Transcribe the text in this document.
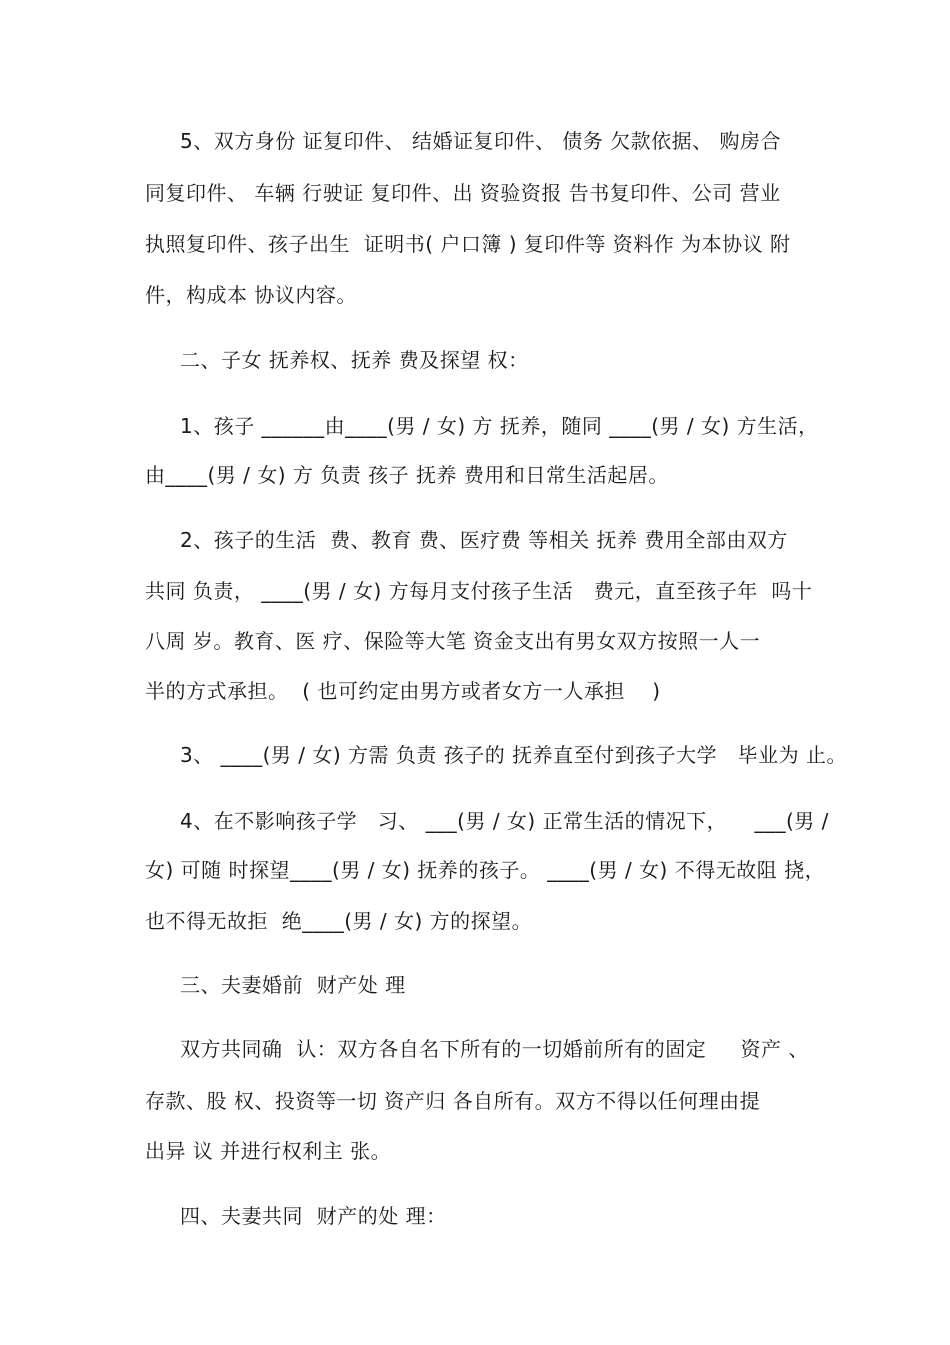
5、双方身份 证复印件、 结婚证复印件、 债务 欠款依据、 购房合
同复印件、 车辆 行驶证 复印件、出 资验资报 告书复印件、公司 营业
执照复印件、孩子出生  证明书( 户口簿 ) 复印件等 资料作 为本协议 附
件，构成本 协议内容。
二、子女 抚养权、抚养 费及探望 权：
1、孩子 ______由____(男 / 女) 方 抚养，随同 ____(男 / 女) 方生活，
由____(男 / 女) 方 负责 孩子 抚养 费用和日常生活起居。
2、孩子的生活  费、教育 费、医疗费 等相关 抚养 费用全部由双方
共同 负责， ____(男 / 女) 方每月支付孩子生活   费元，直至孩子年  吗十
八周 岁。教育、医 疗、保险等大笔 资金支出有男女双方按照一人一
半的方式承担。  ( 也可约定由男方或者女方一人承担    )
3、 ____(男 / 女) 方需 负责 孩子的 抚养直至付到孩子大学   毕业为 止。
4、在不影响孩子学   习、 ___(男 / 女) 正常生活的情况下，    ___(男 /
女) 可随 时探望____(男 / 女) 抚养的孩子。 ____(男 / 女) 不得无故阻 挠，
也不得无故拒  绝____(男 / 女) 方的探望。
三、夫妻婚前  财产处 理
双方共同确  认：双方各自名下所有的一切婚前所有的固定     资产 、
存款、股 权、投资等一切 资产归 各自所有。双方不得以任何理由提
出异 议 并进行权利主 张。
四、夫妻共同  财产的处 理：
